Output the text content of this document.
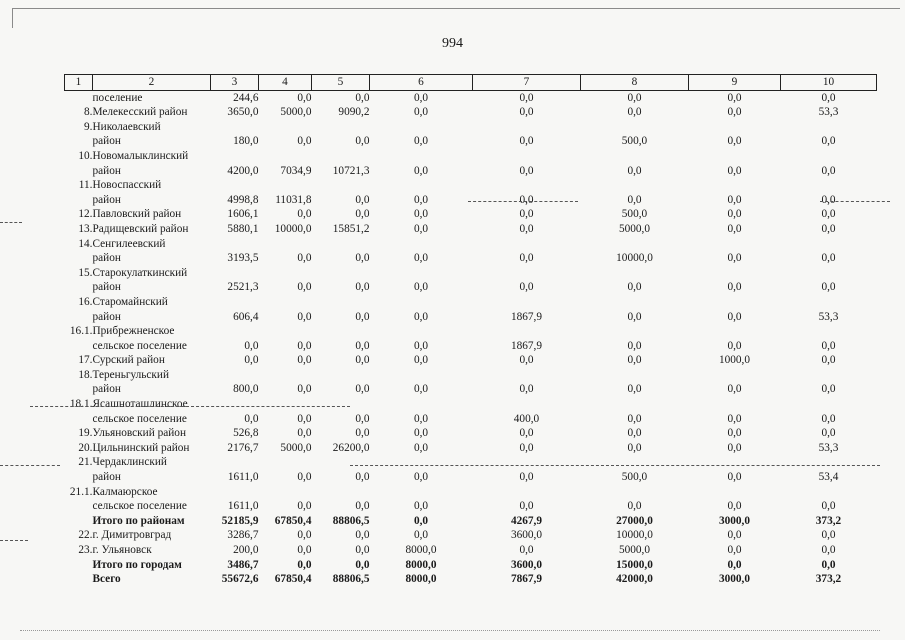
994
1	2	3	4	5	6	7	8	9	10
	поселение	244,6	0,0	0,0	0,0	0,0	0,0	0,0	0,0
8.	Мелекесский район	3650,0	5000,0	9090,2	0,0	0,0	0,0	0,0	53,3
9.	Николаевский								
	район	180,0	0,0	0,0	0,0	0,0	500,0	0,0	0,0
10.	Новомалыклинский								
	район	4200,0	7034,9	10721,3	0,0	0,0	0,0	0,0	0,0
11.	Новоспасский								
	район	4998,8	11031,8	0,0	0,0	0,0	0,0	0,0	0,0
12.	Павловский район	1606,1	0,0	0,0	0,0	0,0	500,0	0,0	0,0
13.	Радищевский район	5880,1	10000,0	15851,2	0,0	0,0	5000,0	0,0	0,0
14.	Сенгилеевский								
	район	3193,5	0,0	0,0	0,0	0,0	10000,0	0,0	0,0
15.	Старокулаткинский								
	район	2521,3	0,0	0,0	0,0	0,0	0,0	0,0	0,0
16.	Старомайнский								
	район	606,4	0,0	0,0	0,0	1867,9	0,0	0,0	53,3
16.1.	Прибрежненское								
	сельское поселение	0,0	0,0	0,0	0,0	1867,9	0,0	0,0	0,0
17.	Сурский район	0,0	0,0	0,0	0,0	0,0	0,0	1000,0	0,0
18.	Тереньгульский								
	район	800,0	0,0	0,0	0,0	0,0	0,0	0,0	0,0
18.1.	Ясашноташлинское								
	сельское поселение	0,0	0,0	0,0	0,0	400,0	0,0	0,0	0,0
19.	Ульяновский район	526,8	0,0	0,0	0,0	0,0	0,0	0,0	0,0
20.	Цильнинский район	2176,7	5000,0	26200,0	0,0	0,0	0,0	0,0	53,3
21.	Чердаклинский								
	район	1611,0	0,0	0,0	0,0	0,0	500,0	0,0	53,4
21.1.	Калмаюрское								
	сельское поселение	1611,0	0,0	0,0	0,0	0,0	0,0	0,0	0,0
	Итого по районам	52185,9	67850,4	88806,5	0,0	4267,9	27000,0	3000,0	373,2
22.	г. Димитровград	3286,7	0,0	0,0	0,0	3600,0	10000,0	0,0	0,0
23.	г. Ульяновск	200,0	0,0	0,0	8000,0	0,0	5000,0	0,0	0,0
	Итого по городам	3486,7	0,0	0,0	8000,0	3600,0	15000,0	0,0	0,0
	Всего	55672,6	67850,4	88806,5	8000,0	7867,9	42000,0	3000,0	373,2
